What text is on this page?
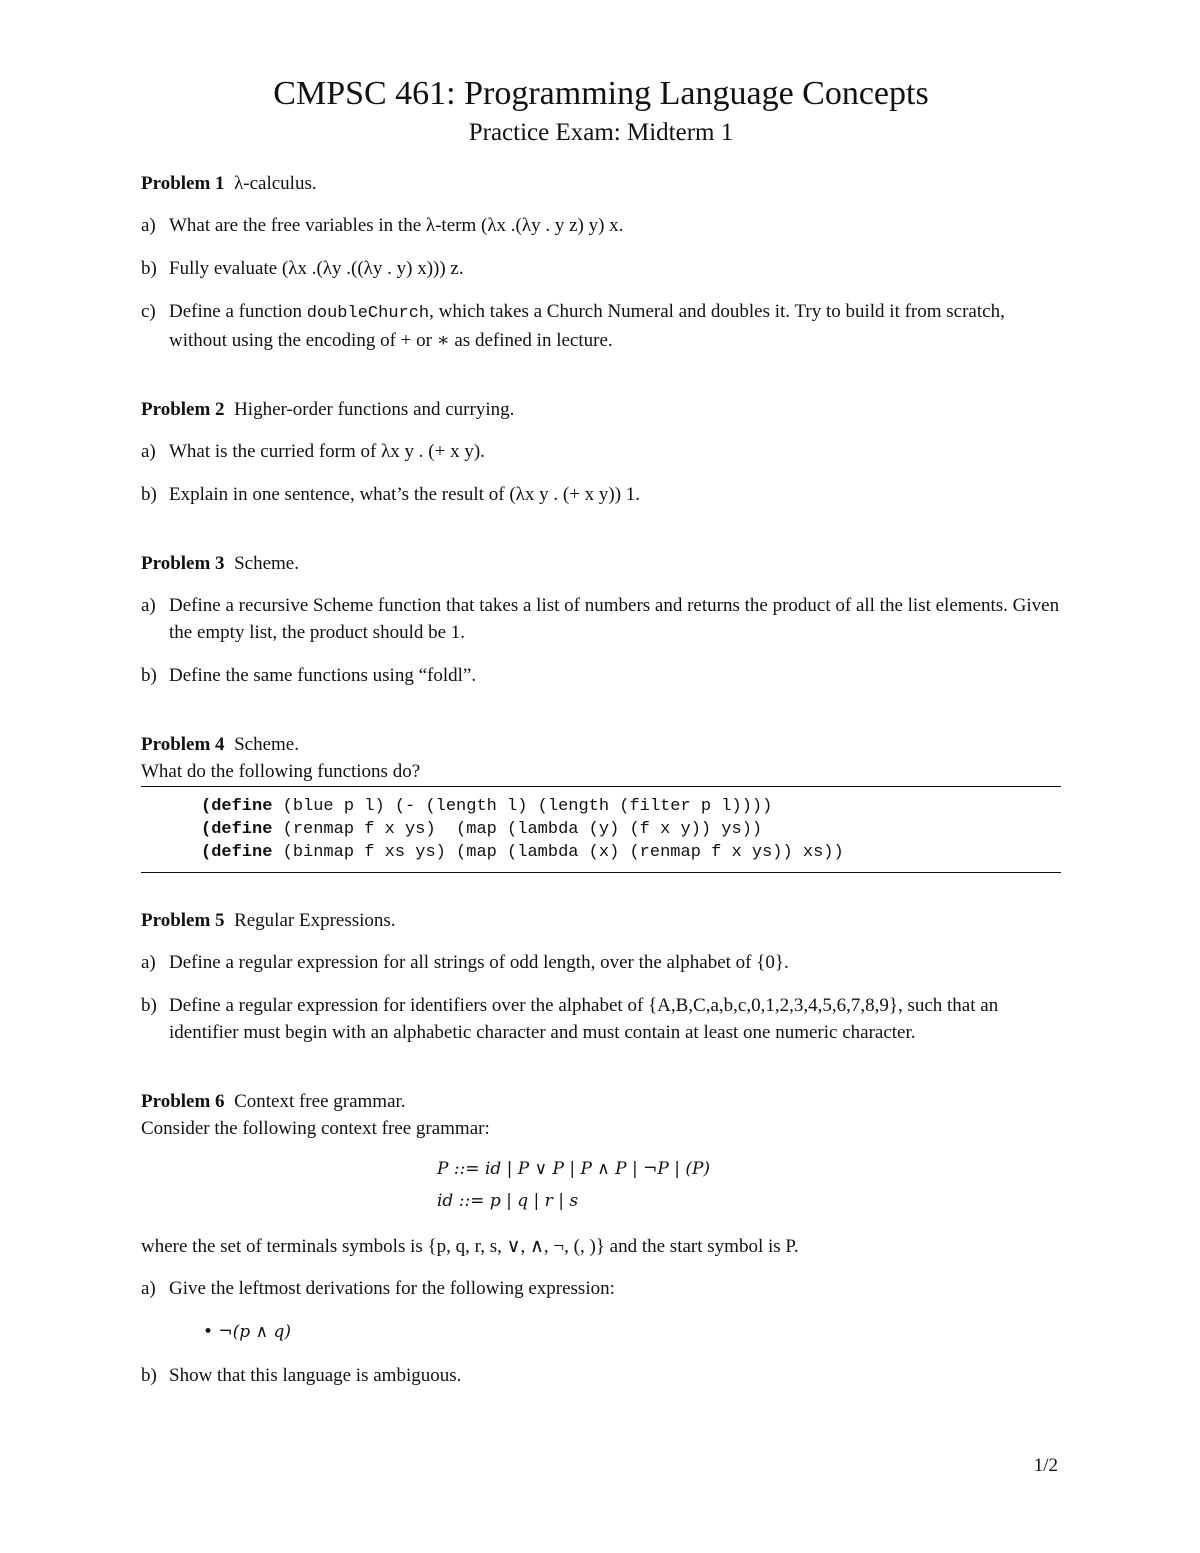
CMPSC 461: Programming Language Concepts
Practice Exam: Midterm 1
Problem 1 λ-calculus.
a) What are the free variables in the λ-term (λx .(λy . y z) y) x.
b) Fully evaluate (λx .(λy .((λy . y) x))) z.
c) Define a function doubleChurch, which takes a Church Numeral and doubles it. Try to build it from scratch, without using the encoding of + or ∗ as defined in lecture.
Problem 2 Higher-order functions and currying.
a) What is the curried form of λx y . (+ x y).
b) Explain in one sentence, what’s the result of (λx y . (+ x y)) 1.
Problem 3 Scheme.
a) Define a recursive Scheme function that takes a list of numbers and returns the product of all the list elements. Given the empty list, the product should be 1.
b) Define the same functions using “foldl”.
Problem 4 Scheme.
What do the following functions do?
(define (blue p l) (- (length l) (length (filter p l))))
(define (renmap f x ys)  (map (lambda (y) (f x y)) ys))
(define (binmap f xs ys) (map (lambda (x) (renmap f x ys)) xs))
Problem 5 Regular Expressions.
a) Define a regular expression for all strings of odd length, over the alphabet of {0}.
b) Define a regular expression for identifiers over the alphabet of {A,B,C,a,b,c,0,1,2,3,4,5,6,7,8,9}, such that an identifier must begin with an alphabetic character and must contain at least one numeric character.
Problem 6 Context free grammar.
Consider the following context free grammar:
P ::= id | P ∨ P | P ∧ P | ¬P | (P)
id ::= p | q | r | s
where the set of terminals symbols is {p, q, r, s, ∨, ∧, ¬, (, )} and the start symbol is P.
a) Give the leftmost derivations for the following expression:
• ¬(p ∧ q)
b) Show that this language is ambiguous.
1/2
